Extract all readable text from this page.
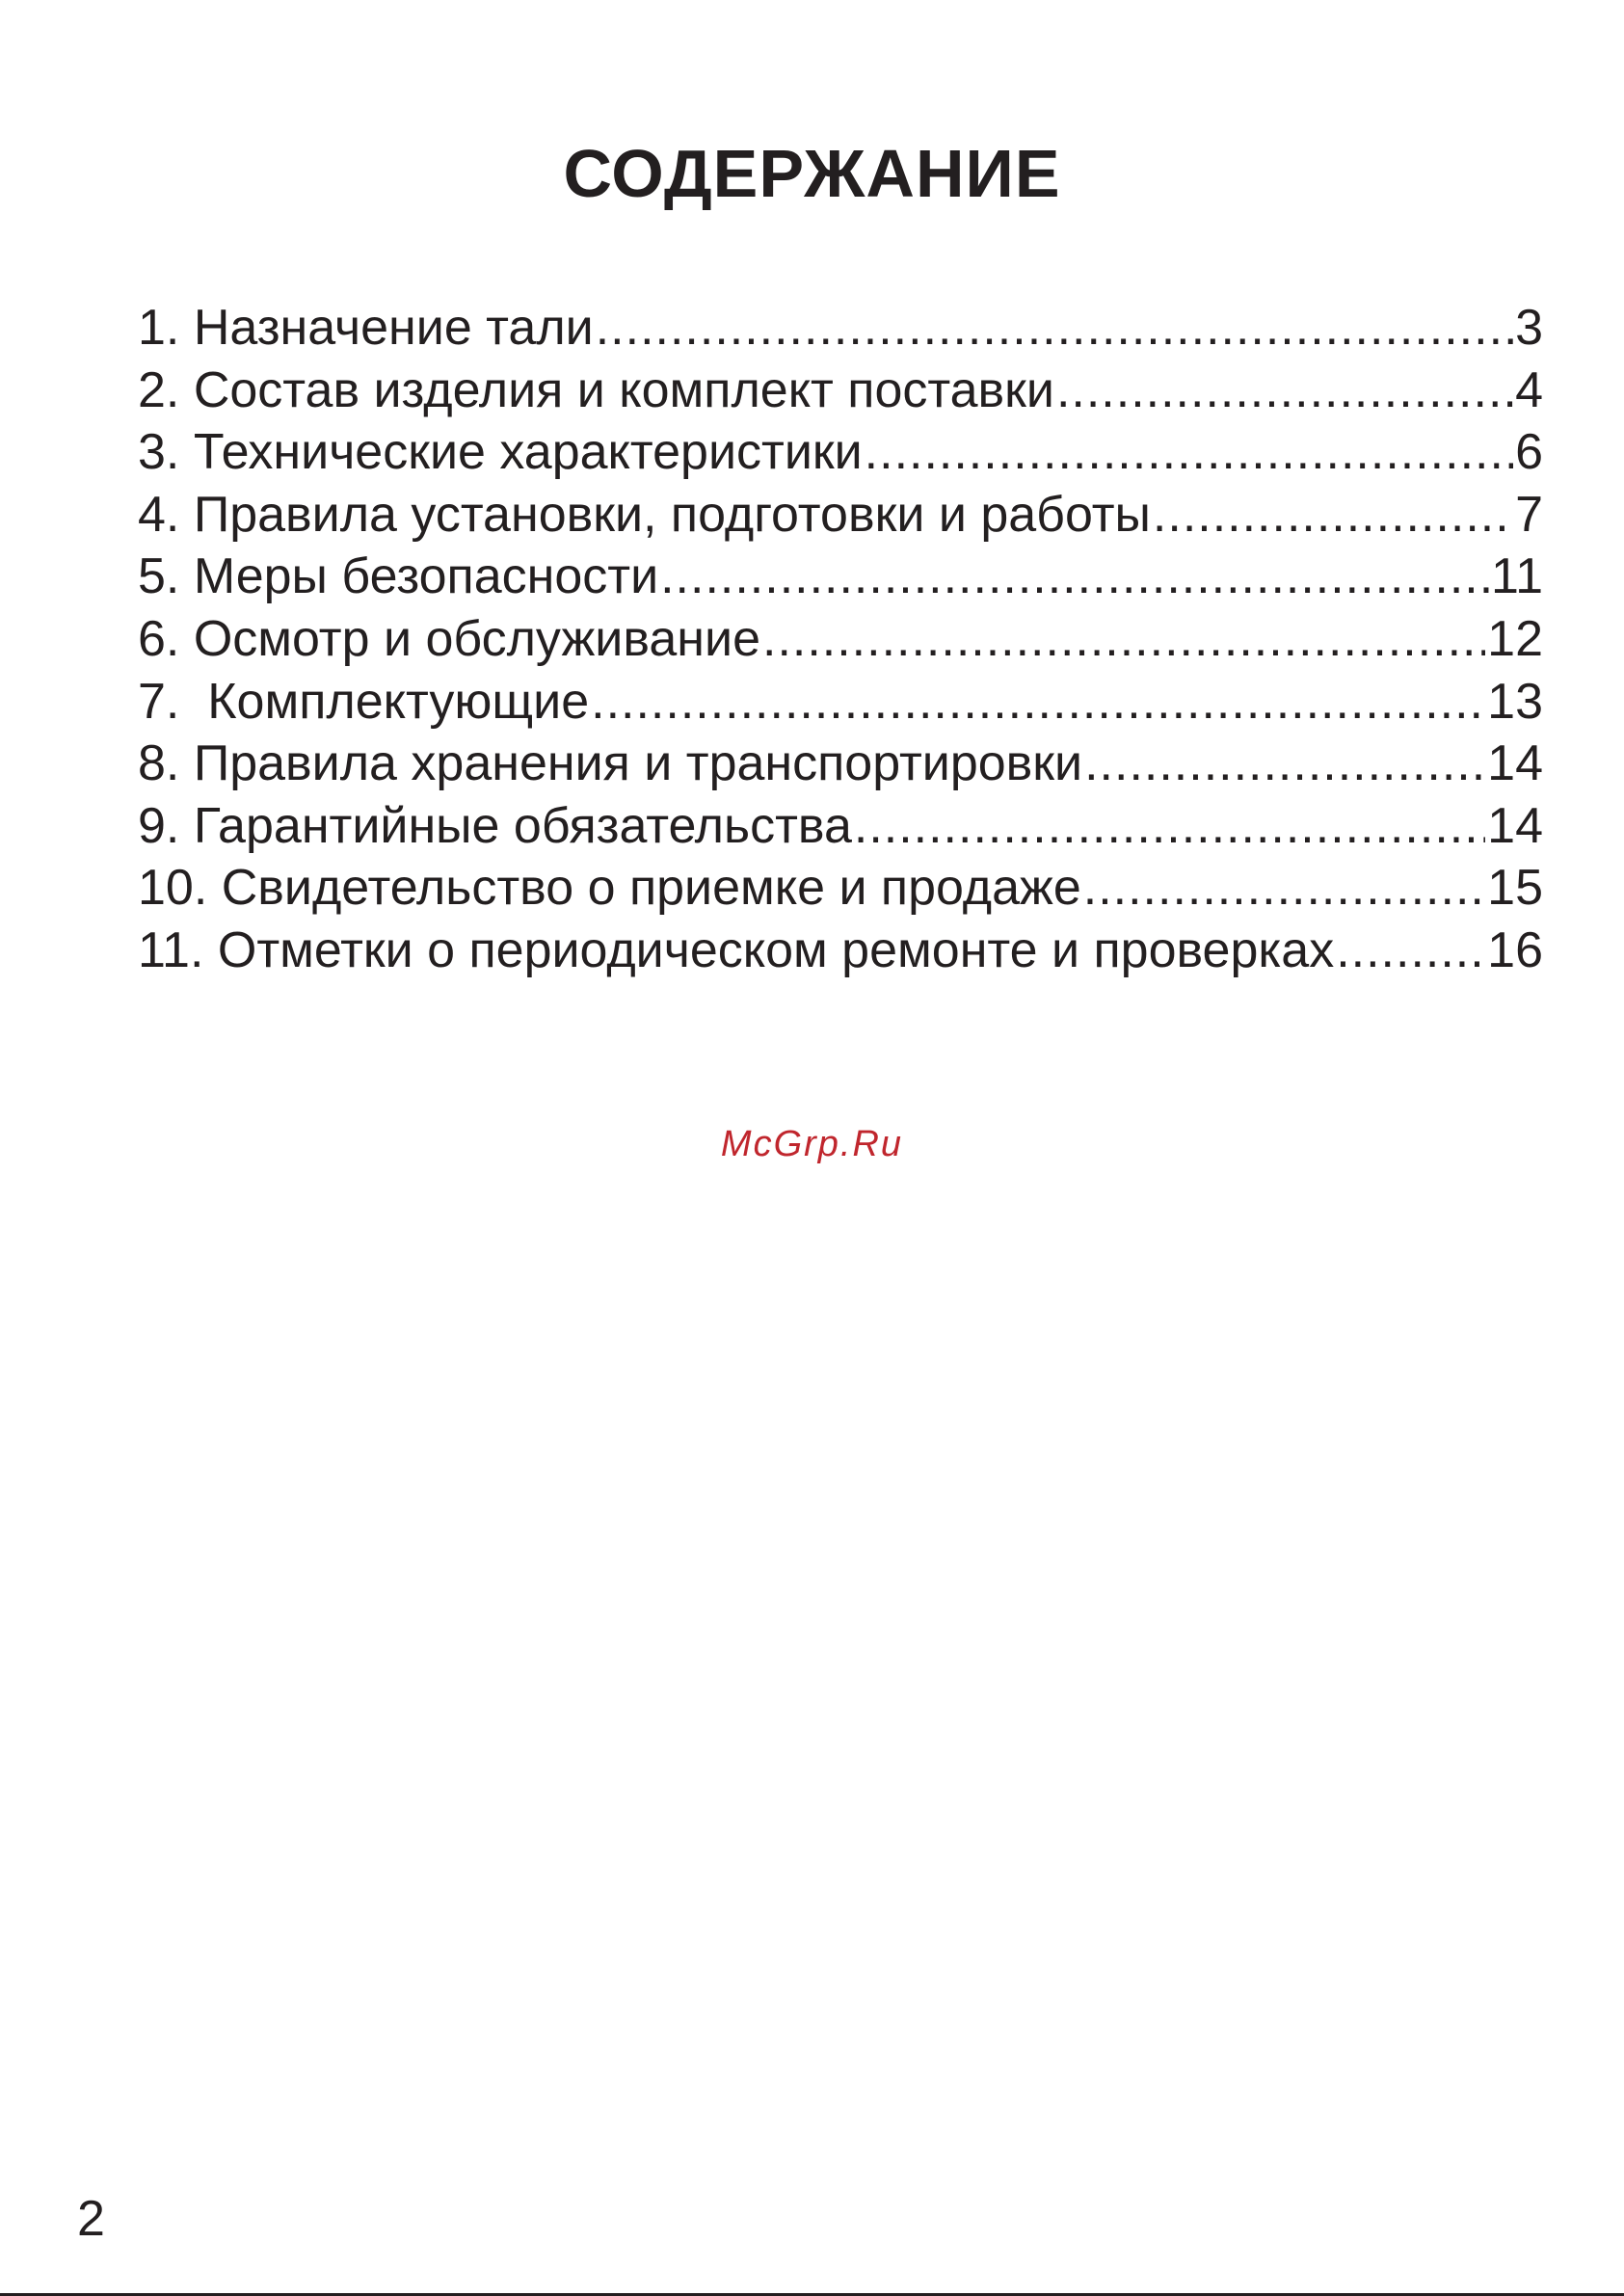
СОДЕРЖАНИЕ
1. Назначение тали .....	3
2. Состав изделия и комплект поставки .....	4
3. Технические характеристики .....	6
4. Правила установки, подготовки и работы .....	7
5. Меры безопасности .....	11
6. Осмотр и обслуживание .....	12
7.  Комплектующие .....	13
8. Правила хранения и транспортировки .....	14
9. Гарантийные обязательства .....	14
10. Свидетельство о приемке и продаже .....	15
11. Отметки о периодическом ремонте и проверках .....	16
McGrp.Ru
2
